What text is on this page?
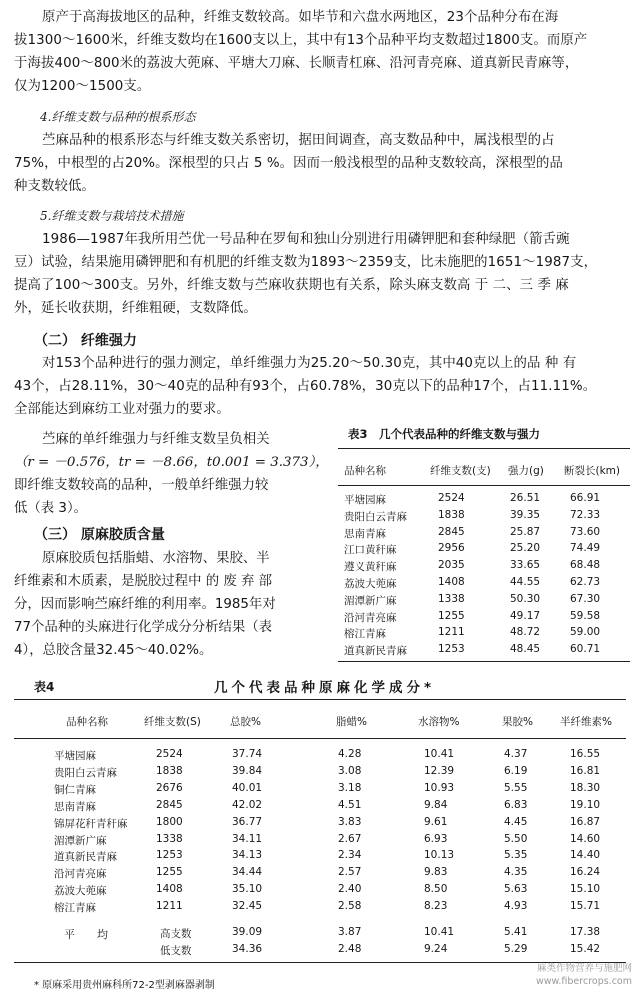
原产于高海拔地区的品种，纤维支数较高。如毕节和六盘水两地区，23个品种分布在海
拔1300～1600米，纤维支数均在1600支以上，其中有13个品种平均支数超过1800支。而原产
于海拔400～800米的荔波大蔸麻、平塘大刀麻、长顺青杠麻、沿河青亮麻、道真新民青麻等，
仅为1200～1500支。
4.纤维支数与品种的根系形态
苎麻品种的根系形态与纤维支数关系密切，据田间调查，高支数品种中，属浅根型的占
75%，中根型的占20%。深根型的只占 5 %。因而一般浅根型的品种支数较高，深根型的品
种支数较低。
5.纤维支数与栽培技术措施
1986—1987年我所用苎优一号品种在罗甸和独山分别进行用磷钾肥和套种绿肥（箭舌豌
豆）试验，结果施用磷钾肥和有机肥的纤维支数为1893～2359支，比未施肥的1651～1987支，
提高了100～300支。另外，纤维支数与苎麻收获期也有关系，除头麻支数高 于 二、三 季 麻
外，延长收获期，纤维粗硬，支数降低。
（二） 纤维强力
对153个品种进行的强力测定，单纤维强力为25.20～50.30克，其中40克以上的品 种 有
43个，占28.11%，30～40克的品种有93个，占60.78%，30克以下的品种17个，占11.11%。
全部能达到麻纺工业对强力的要求。
苎麻的单纤维强力与纤维支数呈负相关
（r = －0.576，tr = －8.66，t0.001 = 3.373），
即纤维支数较高的品种，一般单纤维强力较
低（表 3）。
（三） 原麻胶质含量
原麻胶质包括脂蜡、水溶物、果胶、半
纤维素和木质素，是脱胶过程中 的 废 弃 部
分，因而影响苎麻纤维的利用率。1985年对
77个品种的头麻进行化学成分分析结果（表
4），总胶含量32.45～40.02%。
表3　几个代表品种的纤维支数与强力
品种名称	纤维支数(支) 强力(g) 断裂长(km)
平塘园麻	2524	26.51	66.91
贵阳白云青麻	1838	39.35	72.33
思南青麻	2845	25.87	73.60
江口黄秆麻	2956	25.20	74.49
遵义黄秆麻	2035	33.65	68.48
荔波大蔸麻	1408	44.55	62.73
湄潭新广麻	1338	50.30	67.30
沿河青亮麻	1255	49.17	59.58
榕江青麻	1211	48.72	59.00
道真新民青麻	1253	48.45	60.71
表4	几个代表品种原麻化学成分*
品种名称	纤维支数(S)	总胶%	脂蜡%	水溶物%	果胶%	半纤维素%
平塘园麻	2524	37.74	4.28	10.41	4.37	16.55
贵阳白云青麻	1838	39.84	3.08	12.39	6.19	16.81
铜仁青麻	2676	40.01	3.18	10.93	5.55	18.30
思南青麻	2845	42.02	4.51	9.84	6.83	19.10
锦屏花秆青秆麻	1800	36.77	3.83	9.61	4.45	16.87
湄潭新广麻	1338	34.11	2.67	6.93	5.50	14.60
道真新民青麻	1253	34.13	2.34	10.13	5.35	14.40
沿河青亮麻	1255	34.44	2.57	9.83	4.35	16.24
荔波大蔸麻	1408	35.10	2.40	8.50	5.63	15.10
榕江青麻	1211	32.45	2.58	8.23	4.93	15.71
平　　均	高支数	39.09	3.87	10.41	5.41	17.38
低支数	34.36	2.48	9.24	5.29	15.42
* 原麻采用贵州麻科所72-2型剥麻器剥制
麻类作物营养与施肥网
www.fibercrops.com
